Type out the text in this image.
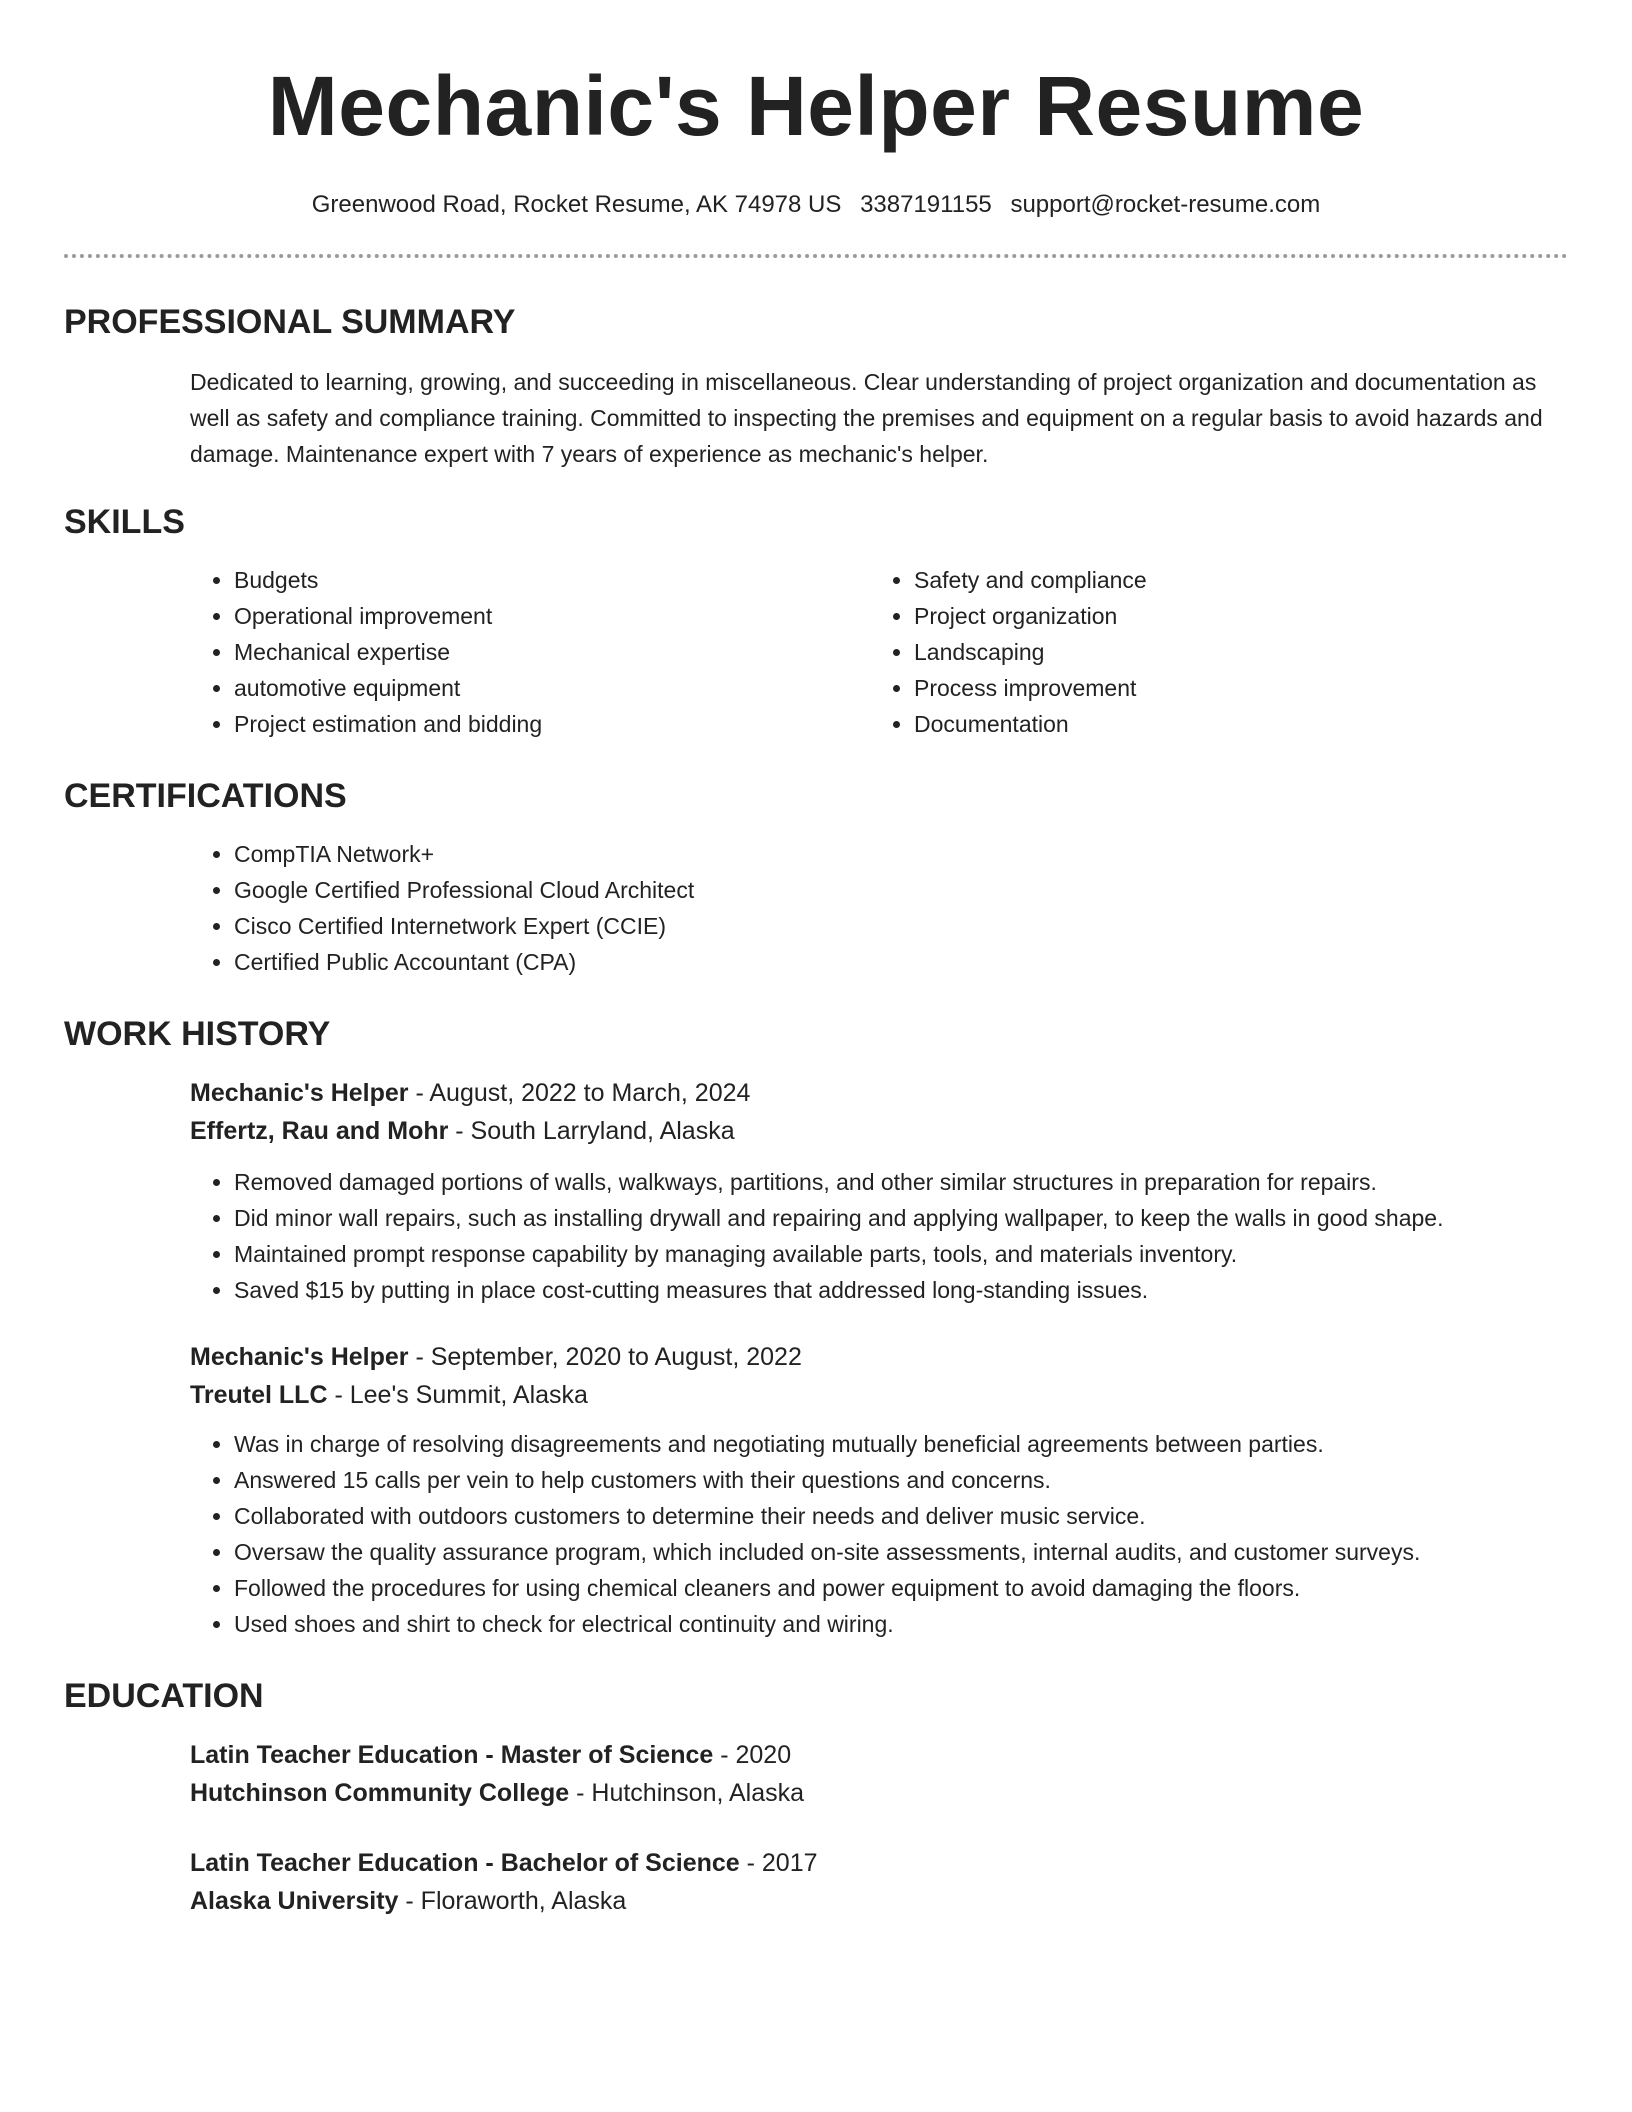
Mechanic's Helper Resume
Greenwood Road, Rocket Resume, AK 74978 US 3387191155 support@rocket-resume.com
PROFESSIONAL SUMMARY

Dedicated to learning, growing, and succeeding in miscellaneous. Clear understanding of project organization and documentation as well as safety and compliance training. Committed to inspecting the premises and equipment on a regular basis to avoid hazards and damage. Maintenance expert with 7 years of experience as mechanic's helper.

SKILLS
• Budgets
• Operational improvement
• Mechanical expertise
• automotive equipment
• Project estimation and bidding
• Safety and compliance
• Project organization
• Landscaping
• Process improvement
• Documentation
CERTIFICATIONS
• CompTIA Network+
• Google Certified Professional Cloud Architect
• Cisco Certified Internetwork Expert (CCIE)
• Certified Public Accountant (CPA)
WORK HISTORY
Mechanic's Helper - August, 2022 to March, 2024
Effertz, Rau and Mohr - South Larryland, Alaska
• Removed damaged portions of walls, walkways, partitions, and other similar structures in preparation for repairs.
• Did minor wall repairs, such as installing drywall and repairing and applying wallpaper, to keep the walls in good shape.
• Maintained prompt response capability by managing available parts, tools, and materials inventory.
• Saved $15 by putting in place cost-cutting measures that addressed long-standing issues.
Mechanic's Helper - September, 2020 to August, 2022
Treutel LLC - Lee's Summit, Alaska
• Was in charge of resolving disagreements and negotiating mutually beneficial agreements between parties.
• Answered 15 calls per vein to help customers with their questions and concerns.
• Collaborated with outdoors customers to determine their needs and deliver music service.
• Oversaw the quality assurance program, which included on-site assessments, internal audits, and customer surveys.
• Followed the procedures for using chemical cleaners and power equipment to avoid damaging the floors.
• Used shoes and shirt to check for electrical continuity and wiring.
EDUCATION
Latin Teacher Education - Master of Science - 2020
Hutchinson Community College - Hutchinson, Alaska
Latin Teacher Education - Bachelor of Science - 2017
Alaska University - Floraworth, Alaska
